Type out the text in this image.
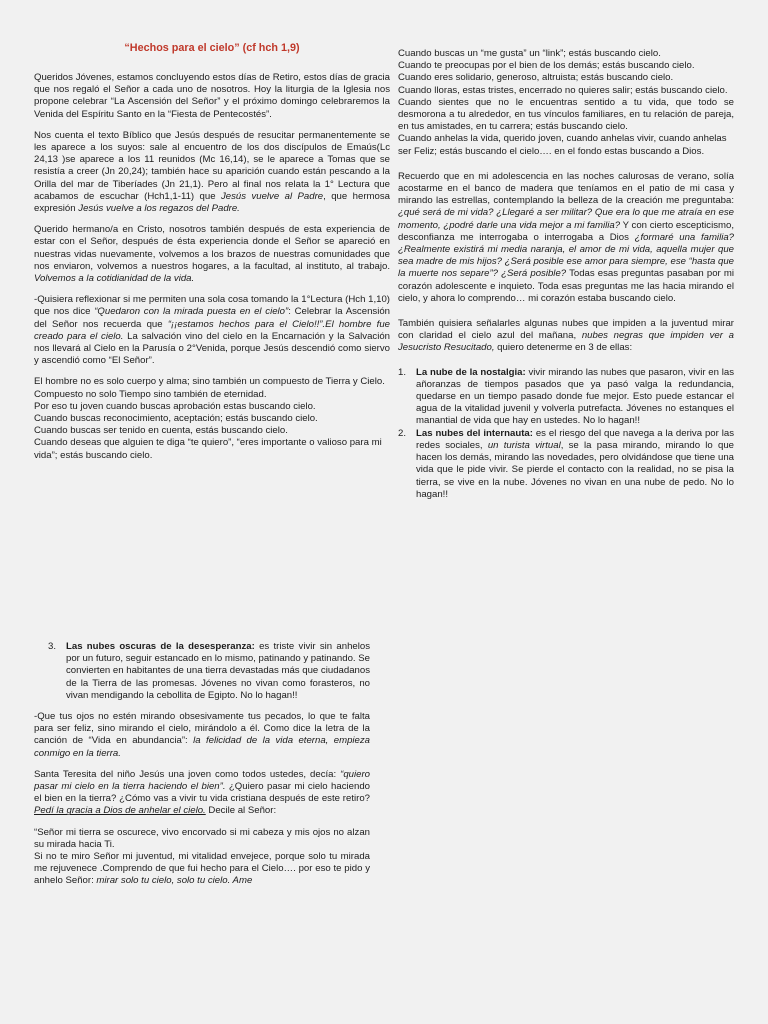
“Hechos para el cielo” (cf hch 1,9)

Queridos Jóvenes, estamos concluyendo estos días de Retiro, estos días de gracia que nos regaló el Señor a cada uno de nosotros. Hoy la liturgia de la Iglesia nos propone celebrar “La Ascensión del Señor” y el próximo domingo celebraremos la Venida del Espíritu Santo en la “Fiesta de Pentecostés”.

Nos cuenta el texto Bíblico que Jesús después de resucitar permanentemente se les aparece a los suyos: sale al encuentro de los dos discípulos de Emaús(Lc 24,13 )se aparece a los 11 reunidos (Mc 16,14), se le aparece a Tomas que se resistía a creer (Jn 20,24); también hace su aparición cuando están pescando a la Orilla del mar de Tiberíades (Jn 21,1). Pero al final nos relata la 1° Lectura que acabamos de escuchar (Hch1,1-11) que Jesús vuelve al Padre, que hermosa expresión Jesús vuelve a los regazos del Padre.

Querido hermano/a en Cristo, nosotros también después de esta experiencia de estar con el Señor, después de ésta experiencia donde el Señor se apareció en nuestras vidas nuevamente, volvemos a los brazos de nuestras comunidades que nos enviaron, volvemos a nuestros hogares, a la facultad, al instituto, al trabajo. Volvemos a la cotidianidad de la vida.

-Quisiera reflexionar si me permiten una sola cosa tomando la 1°Lectura (Hch 1,10) que nos dice “Quedaron con la mirada puesta en el cielo”: Celebrar la Ascensión del Señor nos recuerda que “¡¡estamos hechos para el Cielo!!”.El hombre fue creado para el cielo. La salvación vino del cielo en la Encarnación y la Salvación nos llevará al Cielo en la Parusía o 2°Venida, porque Jesús descendió como siervo y ascendió como “El Señor”.

El hombre no es solo cuerpo y alma; sino también un compuesto de Tierra y Cielo. Compuesto no solo Tiempo sino también de eternidad.
Por eso tu joven cuando buscas aprobación estas buscando cielo.
Cuando buscas reconocimiento, aceptación; estás buscando cielo.
Cuando buscas ser tenido en cuenta, estás buscando cielo.
Cuando deseas que alguien te diga “te quiero”, “eres importante o valioso para mi vida”; estás buscando cielo.

Cuando buscas un “me gusta” un “link”; estás buscando cielo.
Cuando te preocupas por el bien de los demás; estás buscando cielo.
Cuando eres solidario, generoso, altruista; estás buscando cielo.
Cuando lloras, estas tristes, encerrado no quieres salir; estás buscando cielo.

Cuando sientes que no le encuentras sentido a tu vida, que todo se desmorona a tu alrededor, en tus vínculos familiares, en tu relación de pareja, en tus amistades, en tu carrera; estás buscando cielo.
Cuando anhelas la vida, querido joven, cuando anhelas vivir, cuando anhelas ser Feliz; estás buscando el cielo…. en el fondo estas buscando a Dios.

Recuerdo que en mi adolescencia en las noches calurosas de verano, solía acostarme en el banco de madera que teníamos en el patio de mi casa y mirando las estrellas, contemplando la belleza de la creación me preguntaba: ¿qué será de mi vida? ¿Llegaré a ser militar? Que era lo que me atraía en ese momento, ¿podré darle una vida mejor a mi familia? Y con cierto escepticismo, desconfianza me interrogaba o interrogaba a Dios ¿formaré una familia? ¿Realmente existirá mi media naranja, el amor de mi vida, aquella mujer que sea madre de mis hijos? ¿Será posible ese amor para siempre, ese “hasta que la muerte nos separe”? ¿Será posible? Todas esas preguntas pasaban por mi corazón adolescente e inquieto. Toda esas preguntas me las hacia mirando el cielo, y ahora lo comprendo… mi corazón estaba buscando cielo.

También quisiera señalarles algunas nubes que impiden a la juventud mirar con claridad el cielo azul del mañana, nubes negras que impiden ver a Jesucristo Resucitado, quiero detenerme en 3 de ellas:

1.	La nube de la nostalgia: vivir mirando las nubes que pasaron, vivir en las añoranzas de tiempos pasados que ya pasó valga la redundancia, quedarse en un tiempo pasado donde fue mejor. Esto puede estancar el agua de la vitalidad juvenil y volverla putrefacta. Jóvenes no estanques el manantial de vida que hay en ustedes. No lo hagan!!
2.	Las nubes del internauta: es el riesgo del que navega a la deriva por las redes sociales, un turista virtual, se la pasa mirando, mirando lo que hacen los demás, mirando las novedades, pero olvidándose que tiene una vida que le pide vivir. Se pierde el contacto con la realidad, no se pisa la tierra, se vive en la nube. Jóvenes no vivan en una nube de pedo. No lo hagan!!
3.	Las nubes oscuras de la desesperanza: es triste vivir sin anhelos por un futuro, seguir estancado en lo mismo, patinando y patinando. Se convierten en habitantes de una tierra devastadas más que ciudadanos de la Tierra de las promesas. Jóvenes no vivan como forasteros, no vivan mendigando la cebollita de Egipto. No lo hagan!!

-Que tus ojos no estén mirando obsesivamente tus pecados, lo que te falta para ser feliz, sino mirando el cielo, mirándolo a él. Como dice la letra de la canción de “Vida en abundancia”: la felicidad de la vida eterna, empieza conmigo en la tierra.

Santa Teresita del niño Jesús una joven como todos ustedes, decía: “quiero pasar mi cielo en la tierra haciendo el bien”. ¿Quiero pasar mi cielo haciendo el bien en la tierra? ¿Cómo vas a vivir tu vida cristiana después de este retiro? Pedí la gracia a Dios de anhelar el cielo. Decile al Señor:

“Señor mi tierra se oscurece, vivo encorvado si mi cabeza y mis ojos no alzan su mirada hacia Ti.
Si no te miro Señor mi juventud, mi vitalidad envejece, porque solo tu mirada me rejuvenece .Comprendo de que fui hecho para el Cielo…. por eso te pido y anhelo Señor: mirar solo tu cielo, solo tu cielo. Ame
